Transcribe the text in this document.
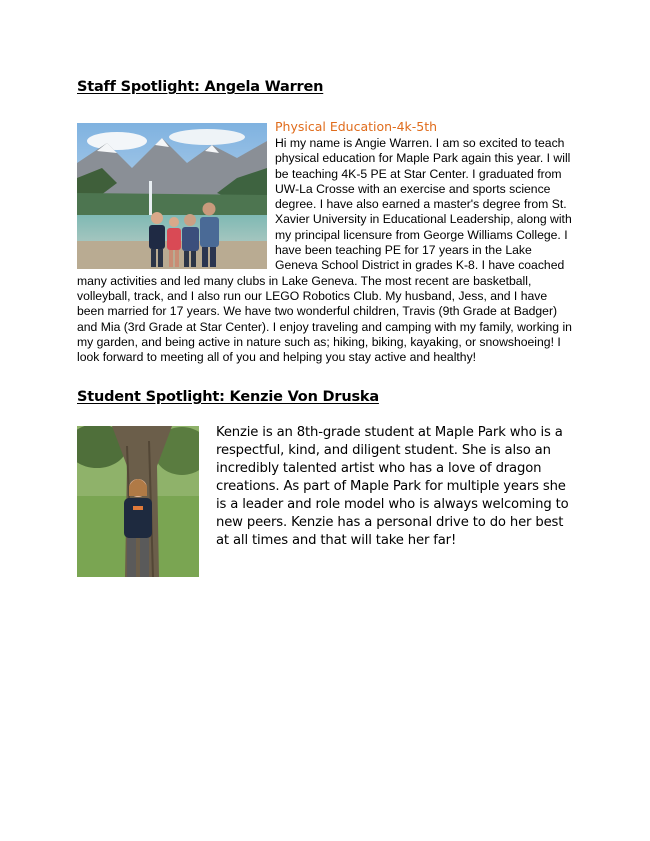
Staff Spotlight: Angela Warren
Physical Education-4k-5th

Hi my name is Angie Warren. I am so excited to teach physical education for Maple Park again this year. I will be teaching 4K-5 PE at Star Center. I graduated from UW-La Crosse with an exercise and sports science degree. I have also earned a master's degree from St. Xavier University in Educational Leadership, along with my principal licensure from George Williams College. I have been teaching PE for 17 years in the Lake Geneva School District in grades K-8. I have coached many activities and led many clubs in Lake Geneva. The most recent are basketball, volleyball, track, and I also run our LEGO Robotics Club. My husband, Jess, and I have been married for 17 years. We have two wonderful children, Travis (9th Grade at Badger) and Mia (3rd Grade at Star Center). I enjoy traveling and camping with my family, working in my garden, and being active in nature such as; hiking, biking, kayaking, or snowshoeing! I look forward to meeting all of you and helping you stay active and healthy!

Student Spotlight: Kenzie Von Druska

Kenzie is an 8th-grade student at Maple Park who is a respectful, kind, and diligent student. She is also an incredibly talented artist who has a love of dragon creations. As part of Maple Park for multiple years she is a leader and role model who is always welcoming to new peers. Kenzie has a personal drive to do her best at all times and that will take her far!
